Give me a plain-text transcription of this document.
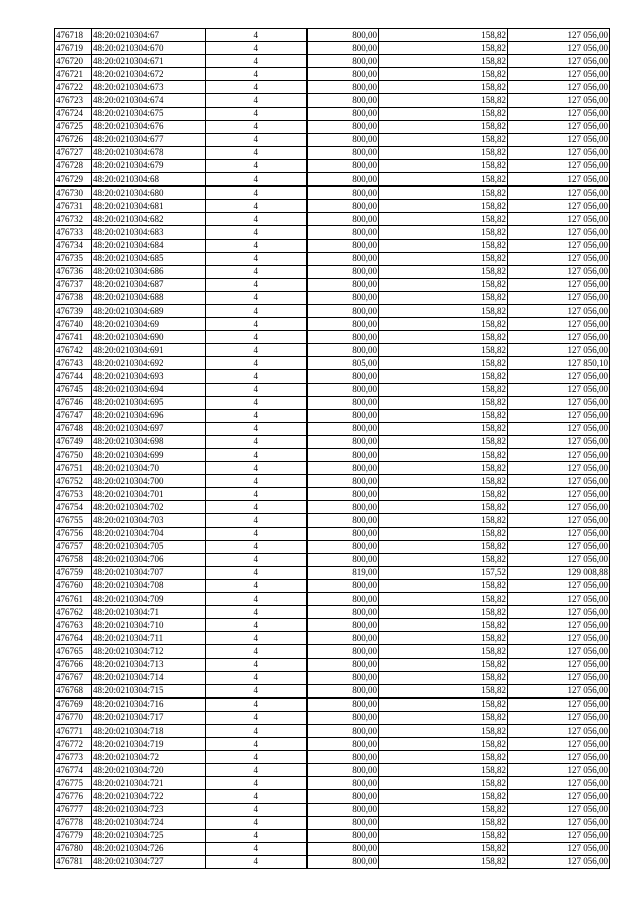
476718	48:20:0210304:67	4	800,00	158,82	127 056,00
476719	48:20:0210304:670	4	800,00	158,82	127 056,00
476720	48:20:0210304:671	4	800,00	158,82	127 056,00
476721	48:20:0210304:672	4	800,00	158,82	127 056,00
476722	48:20:0210304:673	4	800,00	158,82	127 056,00
476723	48:20:0210304:674	4	800,00	158,82	127 056,00
476724	48:20:0210304:675	4	800,00	158,82	127 056,00
476725	48:20:0210304:676	4	800,00	158,82	127 056,00
476726	48:20:0210304:677	4	800,00	158,82	127 056,00
476727	48:20:0210304:678	4	800,00	158,82	127 056,00
476728	48:20:0210304:679	4	800,00	158,82	127 056,00
476729	48:20:0210304:68	4	800,00	158,82	127 056,00
476730	48:20:0210304:680	4	800,00	158,82	127 056,00
476731	48:20:0210304:681	4	800,00	158,82	127 056,00
476732	48:20:0210304:682	4	800,00	158,82	127 056,00
476733	48:20:0210304:683	4	800,00	158,82	127 056,00
476734	48:20:0210304:684	4	800,00	158,82	127 056,00
476735	48:20:0210304:685	4	800,00	158,82	127 056,00
476736	48:20:0210304:686	4	800,00	158,82	127 056,00
476737	48:20:0210304:687	4	800,00	158,82	127 056,00
476738	48:20:0210304:688	4	800,00	158,82	127 056,00
476739	48:20:0210304:689	4	800,00	158,82	127 056,00
476740	48:20:0210304:69	4	800,00	158,82	127 056,00
476741	48:20:0210304:690	4	800,00	158,82	127 056,00
476742	48:20:0210304:691	4	800,00	158,82	127 056,00
476743	48:20:0210304:692	4	805,00	158,82	127 850,10
476744	48:20:0210304:693	4	800,00	158,82	127 056,00
476745	48:20:0210304:694	4	800,00	158,82	127 056,00
476746	48:20:0210304:695	4	800,00	158,82	127 056,00
476747	48:20:0210304:696	4	800,00	158,82	127 056,00
476748	48:20:0210304:697	4	800,00	158,82	127 056,00
476749	48:20:0210304:698	4	800,00	158,82	127 056,00
476750	48:20:0210304:699	4	800,00	158,82	127 056,00
476751	48:20:0210304:70	4	800,00	158,82	127 056,00
476752	48:20:0210304:700	4	800,00	158,82	127 056,00
476753	48:20:0210304:701	4	800,00	158,82	127 056,00
476754	48:20:0210304:702	4	800,00	158,82	127 056,00
476755	48:20:0210304:703	4	800,00	158,82	127 056,00
476756	48:20:0210304:704	4	800,00	158,82	127 056,00
476757	48:20:0210304:705	4	800,00	158,82	127 056,00
476758	48:20:0210304:706	4	800,00	158,82	127 056,00
476759	48:20:0210304:707	4	819,00	157,52	129 008,88
476760	48:20:0210304:708	4	800,00	158,82	127 056,00
476761	48:20:0210304:709	4	800,00	158,82	127 056,00
476762	48:20:0210304:71	4	800,00	158,82	127 056,00
476763	48:20:0210304:710	4	800,00	158,82	127 056,00
476764	48:20:0210304:711	4	800,00	158,82	127 056,00
476765	48:20:0210304:712	4	800,00	158,82	127 056,00
476766	48:20:0210304:713	4	800,00	158,82	127 056,00
476767	48:20:0210304:714	4	800,00	158,82	127 056,00
476768	48:20:0210304:715	4	800,00	158,82	127 056,00
476769	48:20:0210304:716	4	800,00	158,82	127 056,00
476770	48:20:0210304:717	4	800,00	158,82	127 056,00
476771	48:20:0210304:718	4	800,00	158,82	127 056,00
476772	48:20:0210304:719	4	800,00	158,82	127 056,00
476773	48:20:0210304:72	4	800,00	158,82	127 056,00
476774	48:20:0210304:720	4	800,00	158,82	127 056,00
476775	48:20:0210304:721	4	800,00	158,82	127 056,00
476776	48:20:0210304:722	4	800,00	158,82	127 056,00
476777	48:20:0210304:723	4	800,00	158,82	127 056,00
476778	48:20:0210304:724	4	800,00	158,82	127 056,00
476779	48:20:0210304:725	4	800,00	158,82	127 056,00
476780	48:20:0210304:726	4	800,00	158,82	127 056,00
476781	48:20:0210304:727	4	800,00	158,82	127 056,00
